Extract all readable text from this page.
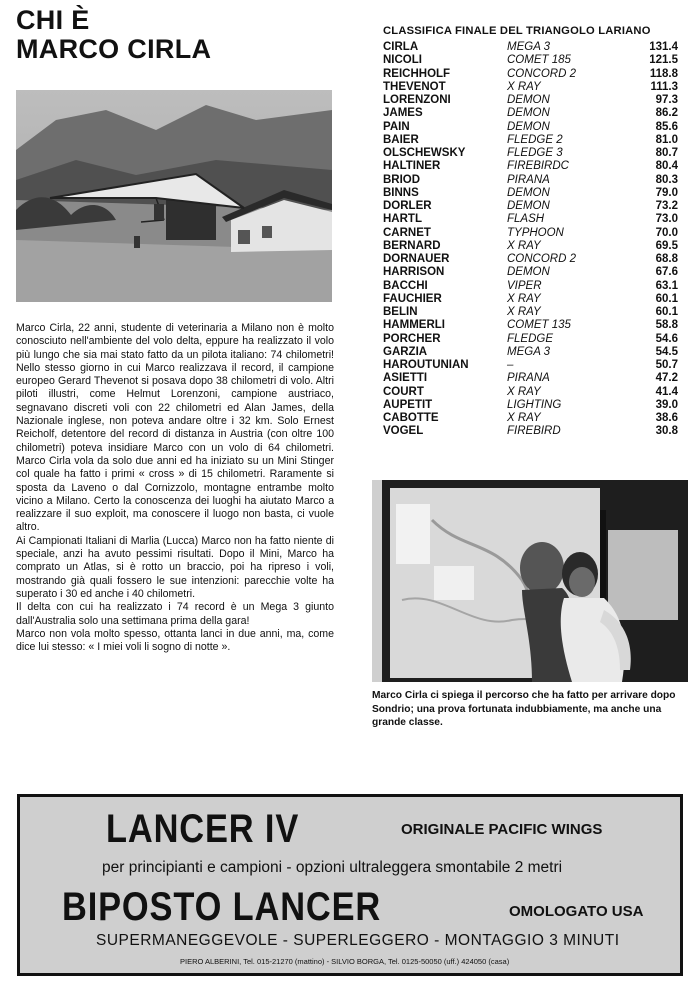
CHI È
MARCO CIRLA

Marco Cirla, 22 anni, studente di veterinaria a Milano non è molto conosciuto nell'ambiente del volo delta, eppure ha realizzato il volo più lungo che sia mai stato fatto da un pilota italiano: 74 chilometri! Nello stesso giorno in cui Marco realizzava il record, il campione europeo Gerard Thevenot si posava dopo 38 chilometri di volo. Altri piloti illustri, come Helmut Lorenzoni, campione austriaco, segnavano discreti voli con 22 chilometri ed Alan James, della Nazionale inglese, non poteva andare oltre i 32 km. Solo Ernest Reicholf, detentore del record di distanza in Austria (con oltre 100 chilometri) poteva insidiare Marco con un volo di 64 chilometri. Marco Cirla vola da solo due anni ed ha iniziato su un Mini Stinger col quale ha fatto i primi « cross » di 15 chilometri. Raramente si sposta da Laveno o dal Cornizzolo, montagne entrambe molto vicino a Milano. Certo la conoscenza dei luoghi ha aiutato Marco a realizzare il suo exploit, ma conoscere il luogo non basta, ci vuole altro.

Ai Campionati Italiani di Marlia (Lucca) Marco non ha fatto niente di speciale, anzi ha avuto pessimi risultati. Dopo il Mini, Marco ha comprato un Atlas, si è rotto un braccio, poi ha ripreso i voli, mostrando già quali fossero le sue intenzioni: parecchie volte ha superato i 30 ed anche i 40 chilometri.

Il delta con cui ha realizzato i 74 record è un Mega 3 giunto dall'Australia solo una settimana prima della gara!

Marco non vola molto spesso, ottanta lanci in due anni, ma, come dice lui stesso: « I miei voli li sogno di notte ».

CLASSIFICA FINALE DEL TRIANGOLO LARIANO
CIRLA	MEGA 3	131.4
NICOLI	COMET 185	121.5
REICHHOLF	CONCORD 2	118.8
THEVENOT	X RAY	111.3
LORENZONI	DEMON	97.3
JAMES	DEMON	86.2
PAIN	DEMON	85.6
BAIER	FLEDGE 2	81.0
OLSCHEWSKY	FLEDGE 3	80.7
HALTINER	FIREBIRDC	80.4
BRIOD	PIRANA	80.3
BINNS	DEMON	79.0
DORLER	DEMON	73.2
HARTL	FLASH	73.0
CARNET	TYPHOON	70.0
BERNARD	X RAY	69.5
DORNAUER	CONCORD 2	68.8
HARRISON	DEMON	67.6
BACCHI	VIPER	63.1
FAUCHIER	X RAY	60.1
BELIN	X RAY	60.1
HAMMERLI	COMET 135	58.8
PORCHER	FLEDGE	54.6
GARZIA	MEGA 3	54.5
HAROUTUNIAN	–	50.7
ASIETTI	PIRANA	47.2
COURT	X RAY	41.4
AUPETIT	LIGHTING	39.0
CABOTTE	X RAY	38.6
VOGEL	FIREBIRD	30.8
Marco Cirla ci spiega il percorso che ha fatto per arrivare dopo Sondrio; una prova fortunata indubbiamente, ma anche una grande classe.
LANCER IV	ORIGINALE PACIFIC WINGS
per principianti e campioni - opzioni ultraleggera smontabile 2 metri
BIPOSTO LANCER	OMOLOGATO USA
SUPERMANEGGEVOLE - SUPERLEGGERO - MONTAGGIO 3 MINUTI
PIERO ALBERINI, Tel. 015-21270 (mattino) - SILVIO BORGA, Tel. 0125-50050 (uff.) 424050 (casa)
